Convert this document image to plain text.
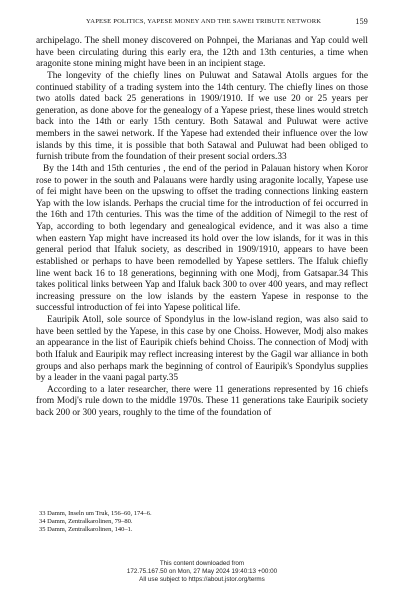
YAPESE POLITICS, YAPESE MONEY AND THE SAWEI TRIBUTE NETWORK	159

archipelago. The shell money discovered on Pohnpei, the Marianas and Yap could well have been circulating during this early era, the 12th and 13th centuries, a time when aragonite stone mining might have been in an incipient stage.

The longevity of the chiefly lines on Puluwat and Satawal Atolls argues for the continued stability of a trading system into the 14th century. The chiefly lines on those two atolls dated back 25 generations in 1909/1910. If we use 20 or 25 years per generation, as done above for the genealogy of a Yapese priest, these lines would stretch back into the 14th or early 15th century. Both Satawal and Puluwat were active members in the sawei network. If the Yapese had extended their influence over the low islands by this time, it is possible that both Satawal and Puluwat had been obliged to furnish tribute from the foundation of their present social orders.33

By the 14th and 15th centuries , the end of the period in Palauan history when Koror rose to power in the south and Palauans were hardly using aragonite locally, Yapese use of fei might have been on the upswing to offset the trading connections linking eastern Yap with the low islands. Perhaps the crucial time for the introduction of fei occurred in the 16th and 17th centuries. This was the time of the addition of Nimegil to the rest of Yap, according to both legendary and genealogical evidence, and it was also a time when eastern Yap might have increased its hold over the low islands, for it was in this general period that Ifaluk society, as described in 1909/1910, appears to have been established or perhaps to have been remodelled by Yapese settlers. The Ifaluk chiefly line went back 16 to 18 generations, beginning with one Modj, from Gatsapar.34 This takes political links between Yap and Ifaluk back 300 to over 400 years, and may reflect increasing pressure on the low islands by the eastern Yapese in response to the successful introduction of fei into Yapese political life.

Eauripik Atoll, sole source of Spondylus in the low-island region, was also said to have been settled by the Yapese, in this case by one Choiss. However, Modj also makes an appearance in the list of Eauripik chiefs behind Choiss. The connection of Modj with both Ifaluk and Eauripik may reflect increasing interest by the Gagil war alliance in both groups and also perhaps mark the beginning of control of Eauripik's Spondylus supplies by a leader in the vaani pagal party.35

According to a later researcher, there were 11 generations represented by 16 chiefs from Modj's rule down to the middle 1970s. These 11 generations take Eauripik society back 200 or 300 years, roughly to the time of the foundation of

33 Damm, Inseln um Truk, 156–60, 174–6.
34 Damm, Zentralkarolinen, 79–80.
35 Damm, Zentralkarolinen, 140–1.
This content downloaded from
172.75.167.50 on Mon, 27 May 2024 19:40:13 +00:00
All use subject to https://about.jstor.org/terms
